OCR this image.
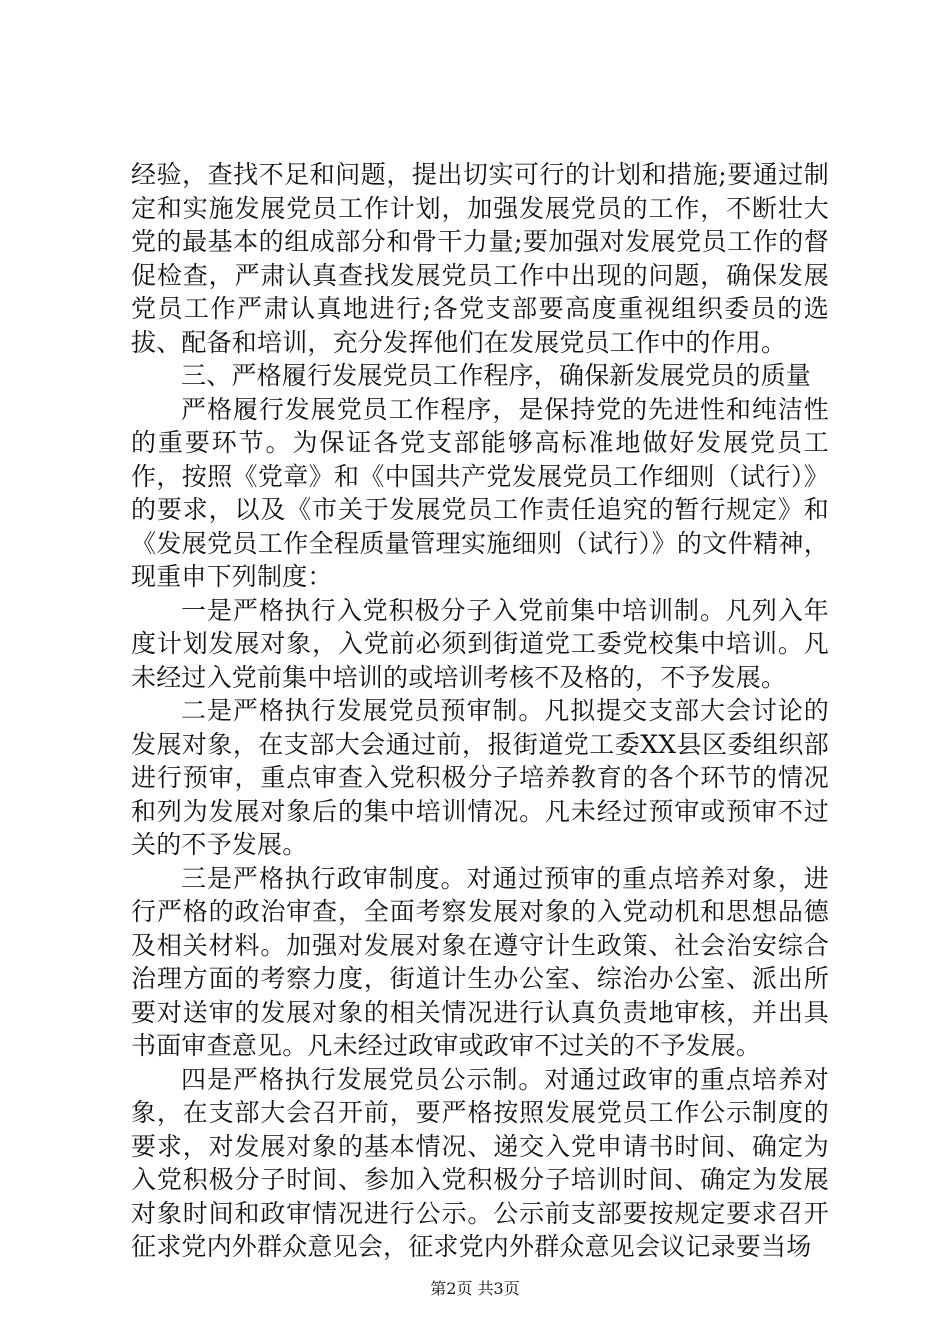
经验，查找不足和问题，提出切实可行的计划和措施;要通过制定和实施发展党员工作计划，加强发展党员的工作，不断壮大党的最基本的组成部分和骨干力量;要加强对发展党员工作的督促检查，严肃认真查找发展党员工作中出现的问题，确保发展党员工作严肃认真地进行;各党支部要高度重视组织委员的选拔、配备和培训，充分发挥他们在发展党员工作中的作用。

三、严格履行发展党员工作程序，确保新发展党员的质量

严格履行发展党员工作程序，是保持党的先进性和纯洁性的重要环节。为保证各党支部能够高标准地做好发展党员工作，按照《党章》和《中国共产党发展党员工作细则（试行）》的要求，以及《市关于发展党员工作责任追究的暂行规定》和《发展党员工作全程质量管理实施细则（试行）》的文件精神，现重申下列制度：

一是严格执行入党积极分子入党前集中培训制。凡列入年度计划发展对象，入党前必须到街道党工委党校集中培训。凡未经过入党前集中培训的或培训考核不及格的，不予发展。

二是严格执行发展党员预审制。凡拟提交支部大会讨论的发展对象，在支部大会通过前，报街道党工委XX县区委组织部进行预审，重点审查入党积极分子培养教育的各个环节的情况和列为发展对象后的集中培训情况。凡未经过预审或预审不过关的不予发展。

三是严格执行政审制度。对通过预审的重点培养对象，进行严格的政治审查，全面考察发展对象的入党动机和思想品德及相关材料。加强对发展对象在遵守计生政策、社会治安综合治理方面的考察力度，街道计生办公室、综治办公室、派出所要对送审的发展对象的相关情况进行认真负责地审核，并出具书面审查意见。凡未经过政审或政审不过关的不予发展。

四是严格执行发展党员公示制。对通过政审的重点培养对象，在支部大会召开前，要严格按照发展党员工作公示制度的要求，对发展对象的基本情况、递交入党申请书时间、确定为入党积极分子时间、参加入党积极分子培训时间、确定为发展对象时间和政审情况进行公示。公示前支部要按规定要求召开征求党内外群众意见会，征求党内外群众意见会议记录要当场

第2页 共3页
